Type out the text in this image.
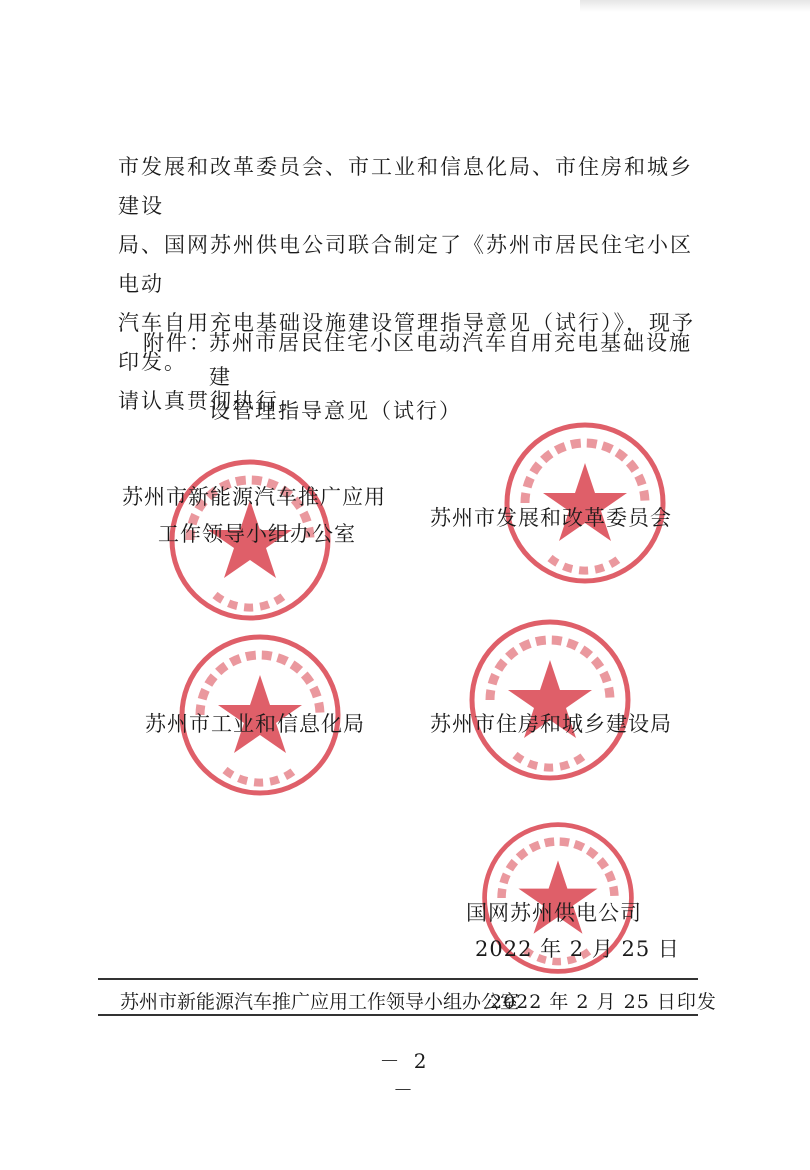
市发展和改革委员会、市工业和信息化局、市住房和城乡建设

局、国网苏州供电公司联合制定了《苏州市居民住宅小区电动

汽车自用充电基础设施建设管理指导意见（试行）》，现予印发。

请认真贯彻执行。

附件：
苏州市居民住宅小区电动汽车自用充电基础设施建
设管理指导意见（试行）
苏州市新能源汽车推广应用
工作领导小组办公室
苏州市发展和改革委员会
苏州市工业和信息化局	苏州市住房和城乡建设局
国网苏州供电公司
2022 年 2 月 25 日
苏州市新能源汽车推广应用工作领导小组办公室
2022 年 2 月 25 日印发
－ 2 －
